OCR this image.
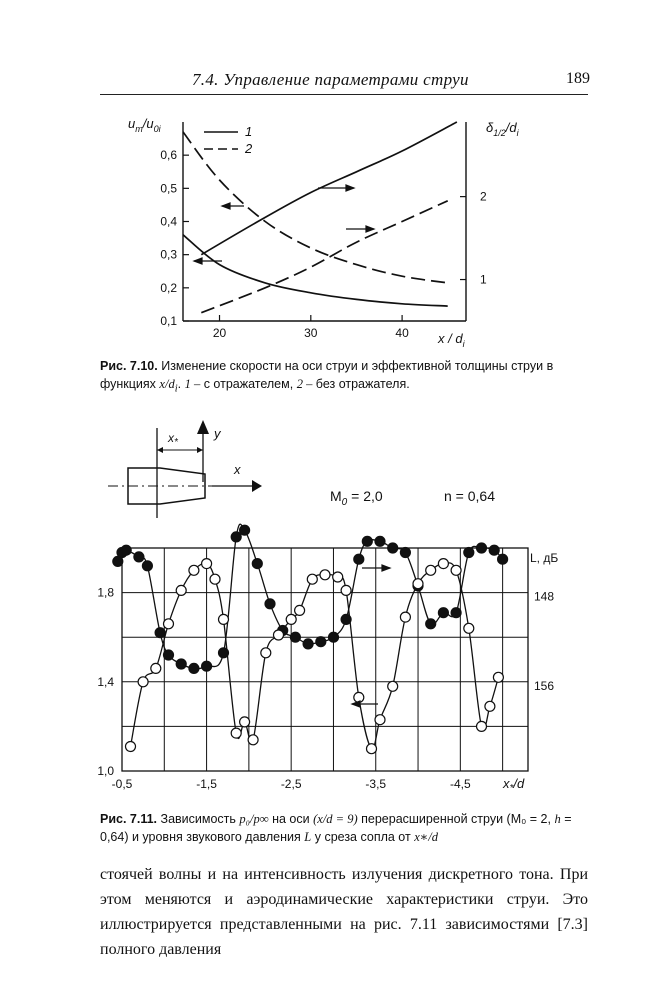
7.4. Управление параметрами струи	189
0,1
0,2
0,3
0,4
0,5
0,6
20	30	40
1
2
$u_m/u_{0i}$	$\delta_{1/2}/d_i$
x / $d_i$
1
2
Рис. 7.10. Изменение скорости на оси струи и эффективной толщины струи в функциях $x/d_i$. 1 – с отражателем, 2 – без отражателя.
$x_*$
y
x
$M_0 = 2,0$	n = 0,64
1,0
1,4
1,8
-0,5	-1,5	-2,5	-3,5	-4,5
148
156
L, дБ
$x_*/d$
Рис. 7.11. Зависимость p₀/p∞ на оси (x/d = 9) перерасширенной струи (M₀ = 2, h = 0,64) и уровня звукового давления L у среза сопла от x∗/d
стоячей волны и на интенсивность излучения дискретного тона. При этом меняются и аэродинамические характеристики струи. Это иллюстрируется представленными на рис. 7.11 зависимостями [7.3] полного давления
